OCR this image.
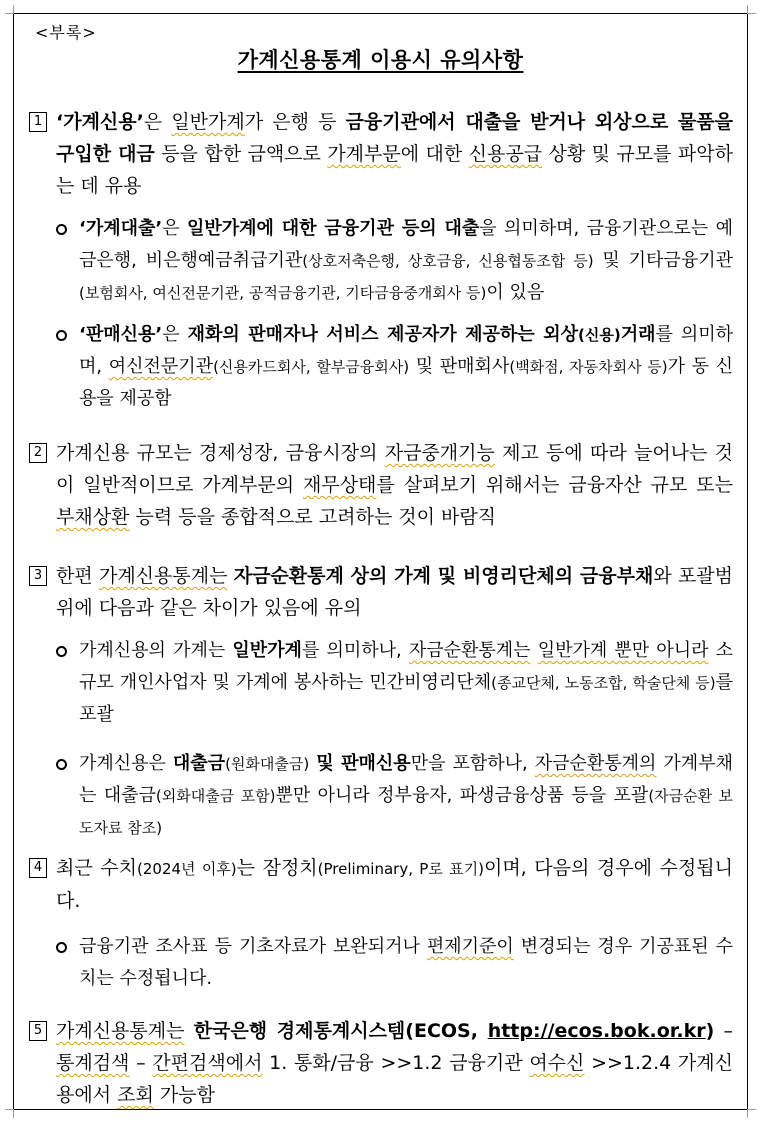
<부록>
가계신용통계 이용시 유의사항
1 ‘가계신용’은 일반가계가 은행 등 금융기관에서 대출을 받거나 외상으로 물품을 구입한 대금 등을 합한 금액으로 가계부문에 대한 신용공급 상황 및 규모를 파악하는 데 유용
‘가계대출’은 일반가계에 대한 금융기관 등의 대출을 의미하며, 금융기관으로는 예금은행, 비은행예금취급기관(상호저축은행, 상호금융, 신용협동조합 등) 및 기타금융기관(보험회사, 여신전문기관, 공적금융기관, 기타금융중개회사 등)이 있음
‘판매신용’은 재화의 판매자나 서비스 제공자가 제공하는 외상(신용)거래를 의미하며, 여신전문기관(신용카드회사, 할부금융회사) 및 판매회사(백화점, 자동차회사 등)가 동 신용을 제공함
2 가계신용 규모는 경제성장, 금융시장의 자금중개기능 제고 등에 따라 늘어나는 것이 일반적이므로 가계부문의 재무상태를 살펴보기 위해서는 금융자산 규모 또는 부채상환 능력 등을 종합적으로 고려하는 것이 바람직
3 한편 가계신용통계는 자금순환통계 상의 가계 및 비영리단체의 금융부채와 포괄범위에 다음과 같은 차이가 있음에 유의
가계신용의 가계는 일반가계를 의미하나, 자금순환통계는 일반가계 뿐만 아니라 소규모 개인사업자 및 가계에 봉사하는 민간비영리단체(종교단체, 노동조합, 학술단체 등)를 포괄
가계신용은 대출금(원화대출금) 및 판매신용만을 포함하나, 자금순환통계의 가계부채는 대출금(외화대출금 포함)뿐만 아니라 정부융자, 파생금융상품 등을 포괄(자금순환 보도자료 참조)
4 최근 수치(2024년 이후)는 잠정치(Preliminary, P로 표기)이며, 다음의 경우에 수정됩니다.
금융기관 조사표 등 기초자료가 보완되거나 편제기준이 변경되는 경우 기공표된 수치는 수정됩니다.
5 가계신용통계는 한국은행 경제통계시스템(ECOS, http://ecos.bok.or.kr) – 통계검색 – 간편검색에서 1. 통화/금융 >>1.2 금융기관 여수신 >>1.2.4 가계신용에서 조회 가능함
